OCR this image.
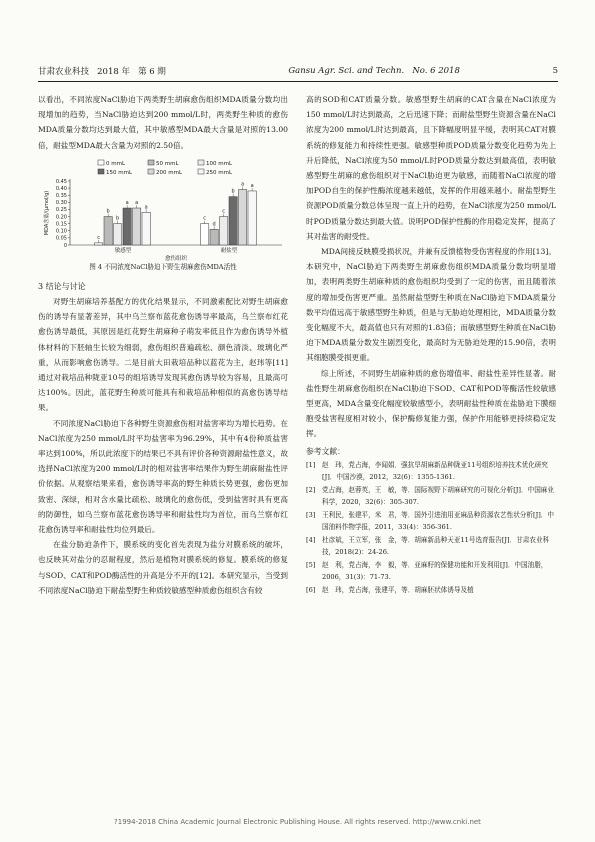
甘肃农业科技 2018 年 第 6 期	Gansu Agr. Sci. and Techn. No. 6 2018	5

以看出，不同浓度NaCl胁迫下两类野生胡麻愈伤组织MDA质量分数均出现增加的趋势，当NaCl胁迫达到200 mmol/L时，两类野生种质的愈伤MDA质量分数均达到最大值，其中敏感型MDA最大含量是对照的13.00倍，耐盐型MDA最大含量为对照的2.50倍。

0 mmL	50 mmL	100 mmL
150 mmL	200 mmL	250 mmL
0
0.05
0.10
0.15
0.20
0.25
0.30
0.35
0.40
0.45
MDA含量/(μmol/g)
c
b
b
a a
a
敏感型
c
d
c
b
a a
耐盐型
愈伤组织
图 4 不同浓度NaCl胁迫下野生胡麻愈伤MDA活性
3 结论与讨论

对野生胡麻培养基配方的优化结果显示，不同激素配比对野生胡麻愈伤的诱导有显著差异，其中乌兰察布蓝花愈伤诱导率最高，乌兰察布红花愈伤诱导最低，其原因是红花野生胡麻种子萌发率低且作为愈伤诱导外植体材料的下胚轴生长较为细弱，愈伤组织普遍疏松、颜色清淡、玻璃化严重，从而影响愈伤诱导。二是目前大田栽培品种以蓝花为主，赵玮等[11]通过对栽培品种陇亚10号的组培诱导发现其愈伤诱导较为容易，且最高可达100%。因此，蓝花野生种质可能具有和栽培品种相似的高愈伤诱导结果。

不同浓度NaCl胁迫下各种野生资源愈伤相对盐害率均为增长趋势。在NaCl浓度为250 mmol/L时平均盐害率为96.29%，其中有4份种质盐害率达到100%，所以此浓度下的结果已不具有评价各种资源耐盐性意义，故选择NaCl浓度为200 mmol/L时的相对盐害率结果作为野生胡麻耐盐性评价依据。从观察结果来看，愈伤诱导率高的野生种质长势更强，愈伤更加致密、深绿，相对含水量比疏松、玻璃化的愈伤低，受到盐害时具有更高的防御性，如乌兰察布蓝花愈伤诱导率和耐盐性均为首位，而乌兰察布红花愈伤诱导率和耐盐性均位列最后。

在盐分胁迫条件下，膜系统的变化首先表现为盐分对膜系统的破坏，也反映其对盐分的忍耐程度，然后是植物对膜系统的修复。膜系统的修复与SOD、CAT和POD酶活性的升高是分不开的[12]。本研究显示，当受到不同浓度NaCl胁迫下耐盐型野生种质较敏感型种质愈伤组织含有较

高的SOD和CAT质量分数。敏感型野生胡麻的CAT含量在NaCl浓度为150 mmol/L时达到最高，之后迅速下降；而耐盐型野生资源含量在NaCl浓度为200 mmol/L时达到最高，且下降幅度明显平缓，表明其CAT对膜系统的修复能力和持续性更强。敏感型种质POD质量分数变化趋势为先上升后降低，NaCl浓度为50 mmol/L时POD质量分数达到最高值，表明敏感型野生胡麻的愈伤组织对于NaCl胁迫更为敏感，而随着NaCl浓度的增加POD自生的保护性酶浓度越来越低，发挥的作用越来越小。耐盐型野生资源POD质量分数总体呈现一直上升的趋势，在NaCl浓度为250 mmol/L时POD质量分数达到最大值。说明POD保护性酶的作用稳定发挥，提高了其对盐害的耐受性。

MDA间接反映膜受损状况，并兼有反馈植物受伤害程度的作用[13]。本研究中，NaCl胁迫下两类野生胡麻愈伤组织MDA质量分数均明显增加，表明两类野生胡麻种质的愈伤组织均受到了一定的伤害，而且随着浓度的增加受伤害更严重。虽然耐盐型野生种质在NaCl胁迫下MDA质量分数平均值远高于敏感型野生种质，但是与无胁迫处理相比，MDA质量分数变化幅度不大，最高值也只有对照的1.83倍；而敏感型野生种质在NaCl胁迫下MDA质量分数发生剧烈变化，最高时为无胁迫处理的15.90倍，表明其细胞膜受损更重。

综上所述，不同野生胡麻种质的愈伤增值率、耐盐性差异性显著。耐盐性野生胡麻愈伤组织在NaCl胁迫下SOD、CAT和POD等酶活性较敏感型更高，MDA含量变化幅度较敏感型小，表明耐盐性种质在盐胁迫下膜细胞受盐害程度相对较小，保护酶修复能力强，保护作用能够更持续稳定发挥。

参考文献：
[1]	赵　玮，党占海，李闻娟．强抗旱胡麻新品种陇亚11号组织培养技术优化研究[J]．中国沙漠，2012，32(6)：1355-1361.
[2]	党占海，赵蓉英，王　敏，等．国际视野下胡麻研究的可视化分析[J]．中国麻业科学，2020，32(6)：305-307.
[3]	王利民，张建平，米　君，等．国外引进油用亚麻品种资源农艺性状分析[J]．中国油料作物学报，2011，33(4)：356-361.
[4]	杜彦斌，王立军，张　金，等．胡麻新品种天亚11号选育报告[J]．甘肃农业科技，2018(2)：24-26.
[5]	赵　利，党占海，李　毅，等．亚麻籽的保健功能和开发利用[J]．中国油脂，2006，31(3)：71-73.
[6]	赵　玮，党占海，张建平，等．胡麻胚状体诱导及植
?1994-2018 China Academic Journal Electronic Publishing House. All rights reserved. http://www.cnki.net
